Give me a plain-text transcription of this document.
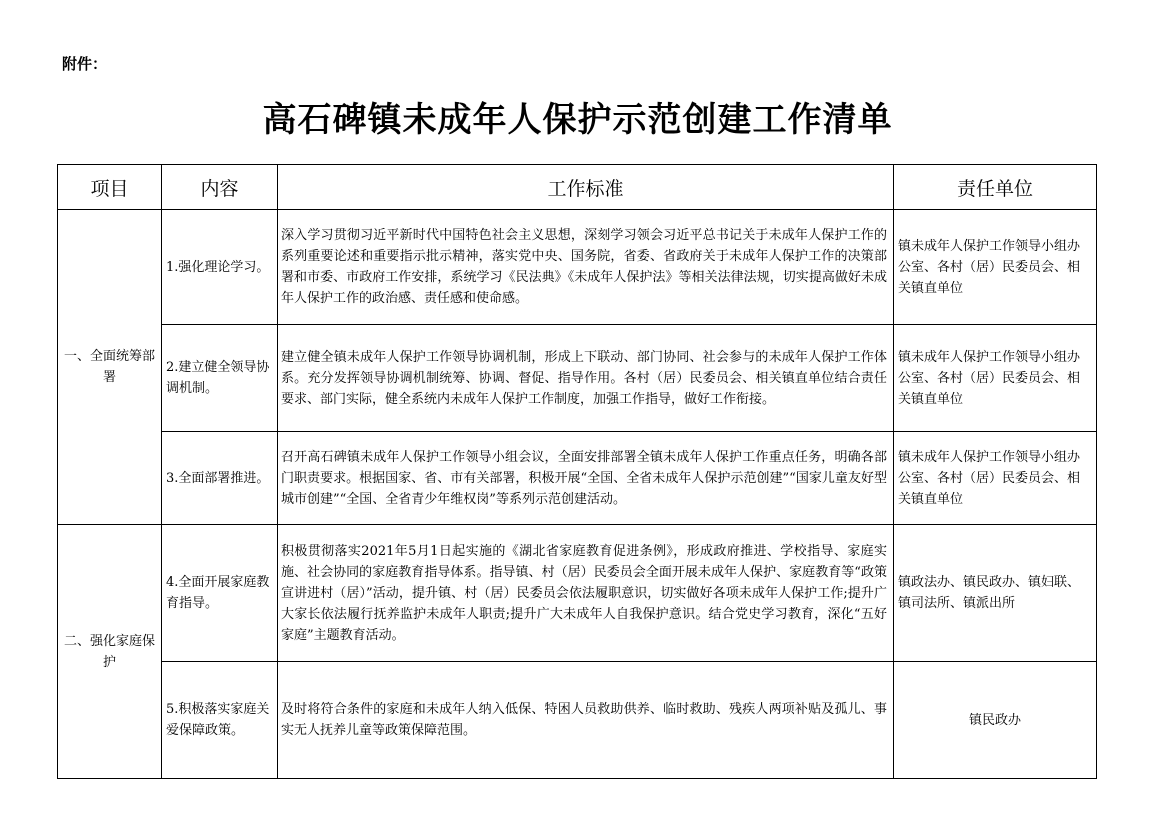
附件：
高石碑镇未成年人保护示范创建工作清单
项目	内容	工作标准	责任单位
一、全面统筹部署	1.强化理论学习。	深入学习贯彻习近平新时代中国特色社会主义思想，深刻学习领会习近平总书记关于未成年人保护工作的系列重要论述和重要指示批示精神，落实党中央、国务院，省委、省政府关于未成年人保护工作的决策部署和市委、市政府工作安排，系统学习《民法典》《未成年人保护法》等相关法律法规，切实提高做好未成年人保护工作的政治感、责任感和使命感。	镇未成年人保护工作领导小组办公室、各村（居）民委员会、相关镇直单位
	2.建立健全领导协调机制。	建立健全镇未成年人保护工作领导协调机制，形成上下联动、部门协同、社会参与的未成年人保护工作体系。充分发挥领导协调机制统筹、协调、督促、指导作用。各村（居）民委员会、相关镇直单位结合责任要求、部门实际，健全系统内未成年人保护工作制度，加强工作指导，做好工作衔接。	镇未成年人保护工作领导小组办公室、各村（居）民委员会、相关镇直单位
	3.全面部署推进。	召开高石碑镇未成年人保护工作领导小组会议，全面安排部署全镇未成年人保护工作重点任务，明确各部门职责要求。根据国家、省、市有关部署，积极开展“全国、全省未成年人保护示范创建”“国家儿童友好型城市创建”“全国、全省青少年维权岗”等系列示范创建活动。	镇未成年人保护工作领导小组办公室、各村（居）民委员会、相关镇直单位
二、强化家庭保护	4.全面开展家庭教育指导。	积极贯彻落实2021年5月1日起实施的《湖北省家庭教育促进条例》，形成政府推进、学校指导、家庭实施、社会协同的家庭教育指导体系。指导镇、村（居）民委员会全面开展未成年人保护、家庭教育等“政策宣讲进村（居）”活动，提升镇、村（居）民委员会依法履职意识，切实做好各项未成年人保护工作;提升广大家长依法履行抚养监护未成年人职责;提升广大未成年人自我保护意识。结合党史学习教育，深化“五好家庭”主题教育活动。	镇政法办、镇民政办、镇妇联、镇司法所、镇派出所
	5.积极落实家庭关爱保障政策。	及时将符合条件的家庭和未成年人纳入低保、特困人员救助供养、临时救助、残疾人两项补贴及孤儿、事实无人抚养儿童等政策保障范围。	镇民政办
